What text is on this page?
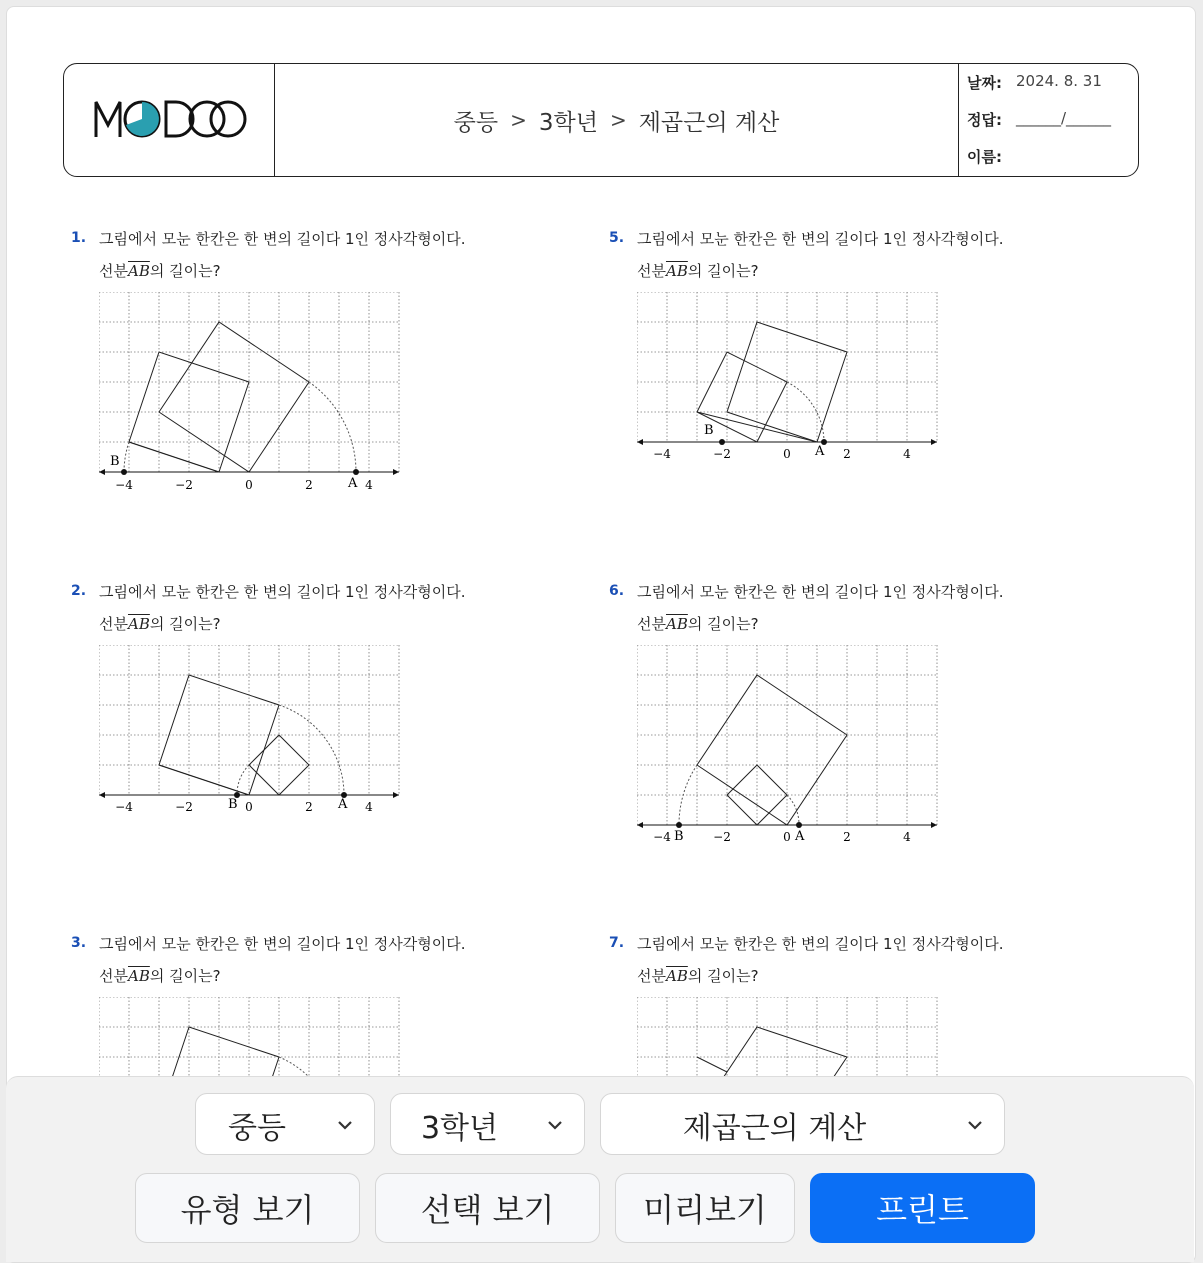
중등 > 3학년 > 제곱근의 계산
날짜: 2024. 8. 31
정답: ______/______
이름:
1. 그림에서 모눈 한칸은 한 변의 길이다 1인 정사각형이다.
선분$\overline{AB}$의 길이는?
B
A
−4	−2	0	2	4
5. 그림에서 모눈 한칸은 한 변의 길이다 1인 정사각형이다.
선분$\overline{AB}$의 길이는?
B
A
−4	−2	0	2	4
2. 그림에서 모눈 한칸은 한 변의 길이다 1인 정사각형이다.
선분$\overline{AB}$의 길이는?
B	A
−4	−2	0	2	4
6. 그림에서 모눈 한칸은 한 변의 길이다 1인 정사각형이다.
선분$\overline{AB}$의 길이는?
B	A
−4	−2	0	2	4
3. 그림에서 모눈 한칸은 한 변의 길이다 1인 정사각형이다.
선분$\overline{AB}$의 길이는?
7. 그림에서 모눈 한칸은 한 변의 길이다 1인 정사각형이다.
선분$\overline{AB}$의 길이는?
중등	3학년	제곱근의 계산
유형 보기	선택 보기	미리보기	프린트
